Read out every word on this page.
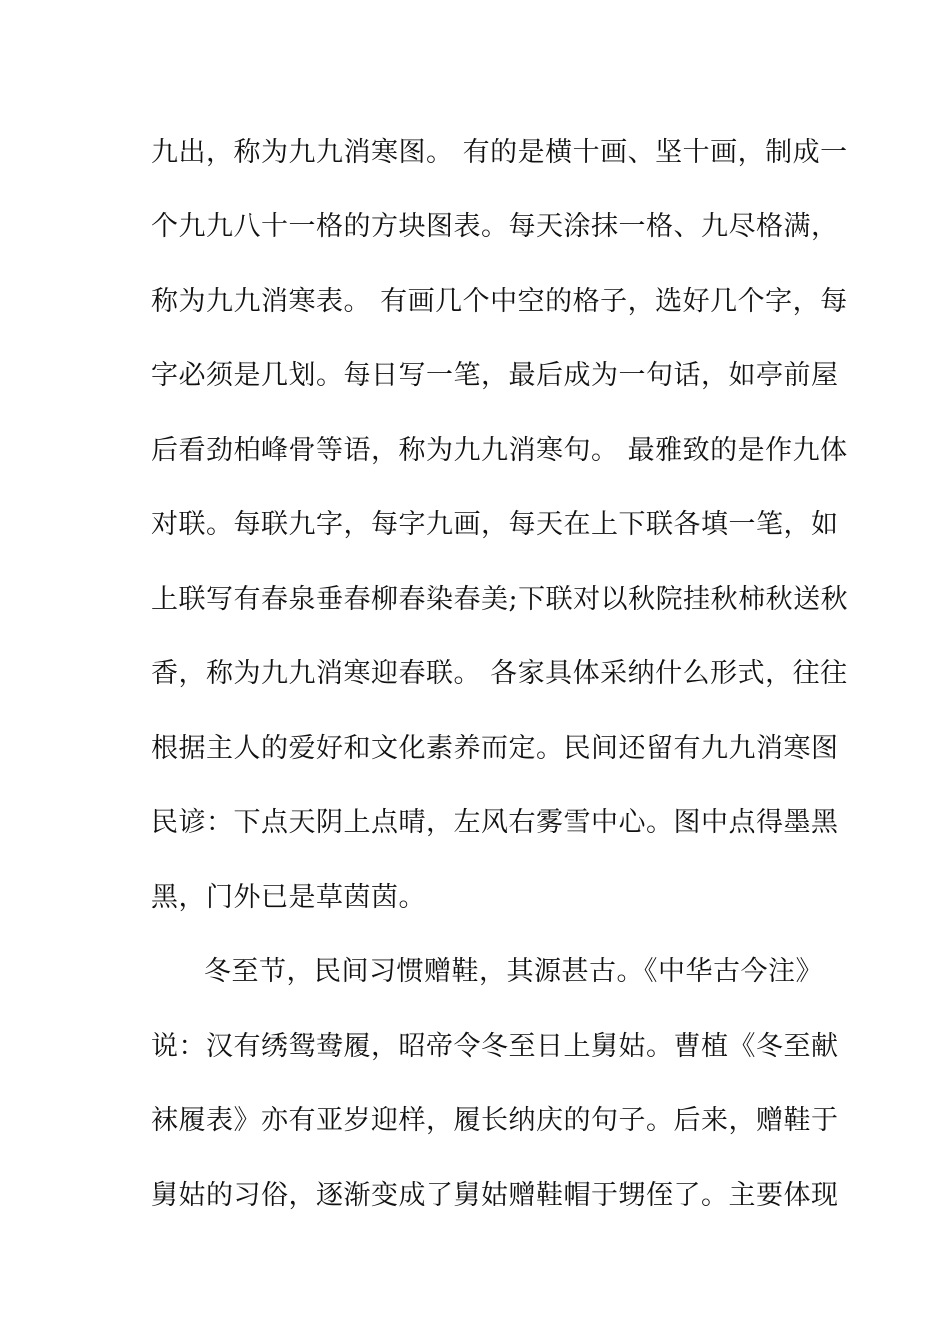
九出，称为九九消寒图。 有的是横十画、坚十画，制成一
个九九八十一格的方块图表。每天涂抹一格、九尽格满，
称为九九消寒表。 有画几个中空的格子，选好几个字，每
字必须是几划。每日写一笔，最后成为一句话，如亭前屋
后看劲柏峰骨等语，称为九九消寒句。 最雅致的是作九体
对联。每联九字，每字九画，每天在上下联各填一笔，如
上联写有春泉垂春柳春染春美;下联对以秋院挂秋柿秋送秋
香，称为九九消寒迎春联。 各家具体采纳什么形式，往往
根据主人的爱好和文化素养而定。民间还留有九九消寒图
民谚：下点天阴上点晴，左风右雾雪中心。图中点得墨黑
黑，门外已是草茵茵。
冬至节，民间习惯赠鞋，其源甚古。《中华古今注》
说：汉有绣鸳鸯履，昭帝令冬至日上舅姑。曹植《冬至献
袜履表》亦有亚岁迎样，履长纳庆的句子。后来，赠鞋于
舅姑的习俗，逐渐变成了舅姑赠鞋帽于甥侄了。主要体现
